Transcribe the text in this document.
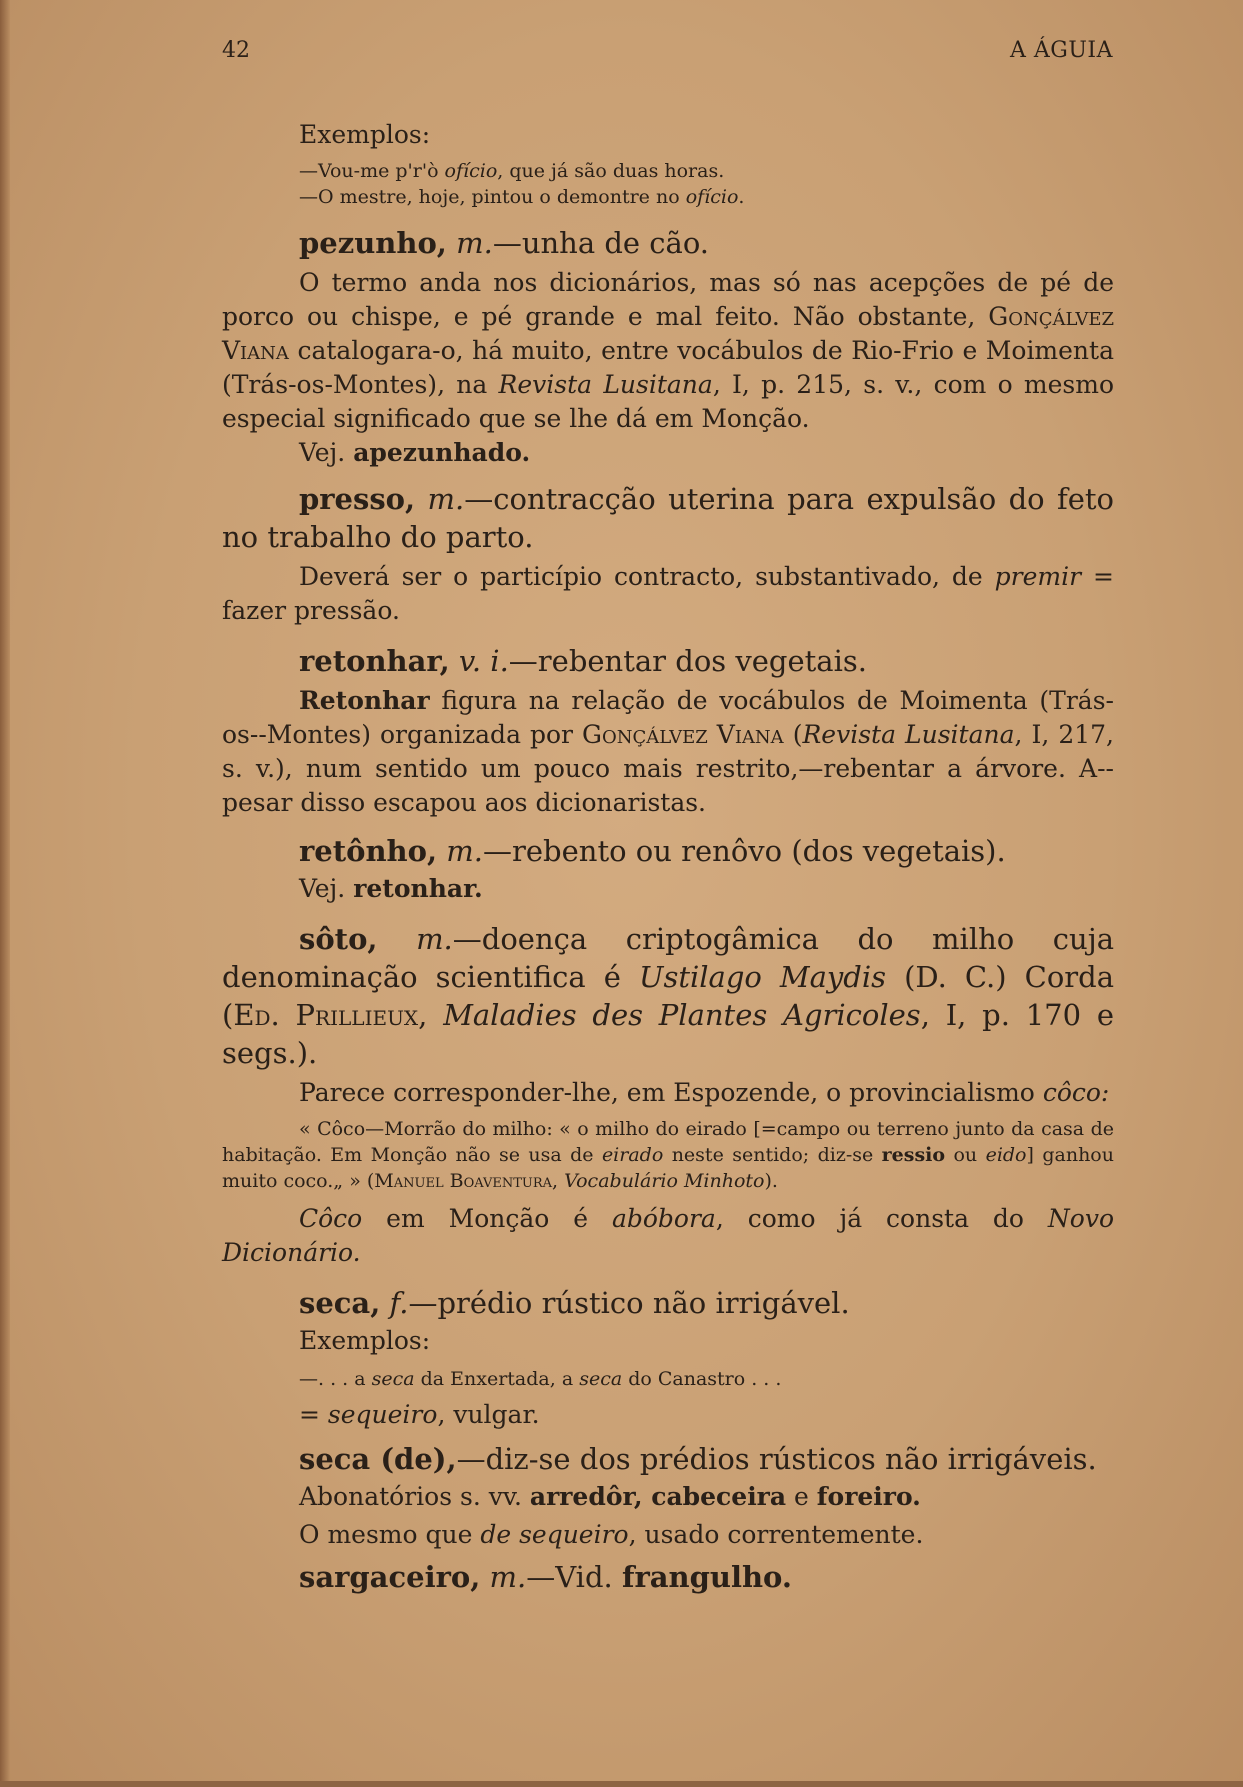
42	A ÁGUIA

Exemplos:

—Vou-me p'r'ò ofício, que já são duas horas.

—O mestre, hoje, pintou o demontre no ofício.

pezunho, m.—unha de cão.

O termo anda nos dicionários, mas só nas acepções de pé de porco ou chispe, e pé grande e mal feito. Não obstante, Gonçálvez Viana catalogara-o, há muito, entre vocábulos de Rio-Frio e Moimenta (Trás-os-Montes), na Revista Lusitana, I, p. 215, s. v., com o mesmo especial significado que se lhe dá em Monção.

Vej. apezunhado.

presso, m.—contracção uterina para expulsão do feto no trabalho do parto.

Deverá ser o particípio contracto, substantivado, de premir = fazer pressão.

retonhar, v. i.—rebentar dos vegetais.

Retonhar figura na relação de vocábulos de Moimenta (Trás-os--Montes) organizada por Gonçálvez Viana (Revista Lusitana, I, 217, s. v.), num sentido um pouco mais restrito,—rebentar a árvore. A--pesar disso escapou aos dicionaristas.

retônho, m.—rebento ou renôvo (dos vegetais).

Vej. retonhar.

sôto, m.—doença criptogâmica do milho cuja denominação scientifica é Ustilago Maydis (D. C.) Corda (Ed. Prillieux, Maladies des Plantes Agricoles, I, p. 170 e segs.).

Parece corresponder-lhe, em Espozende, o provincialismo côco:

« Côco—Morrão do milho: « o milho do eirado [=campo ou terreno junto da casa de habitação. Em Monção não se usa de eirado neste sentido; diz-se ressio ou eido] ganhou muito coco.„ » (Manuel Boaventura, Vocabulário Minhoto).

Côco em Monção é abóbora, como já consta do Novo Dicionário.

seca, f.—prédio rústico não irrigável.

Exemplos:

—. . . a seca da Enxertada, a seca do Canastro . . .

= sequeiro, vulgar.

seca (de),—diz-se dos prédios rústicos não irrigáveis.

Abonatórios s. vv. arredôr, cabeceira e foreiro.

O mesmo que de sequeiro, usado correntemente.

sargaceiro, m.—Vid. frangulho.
